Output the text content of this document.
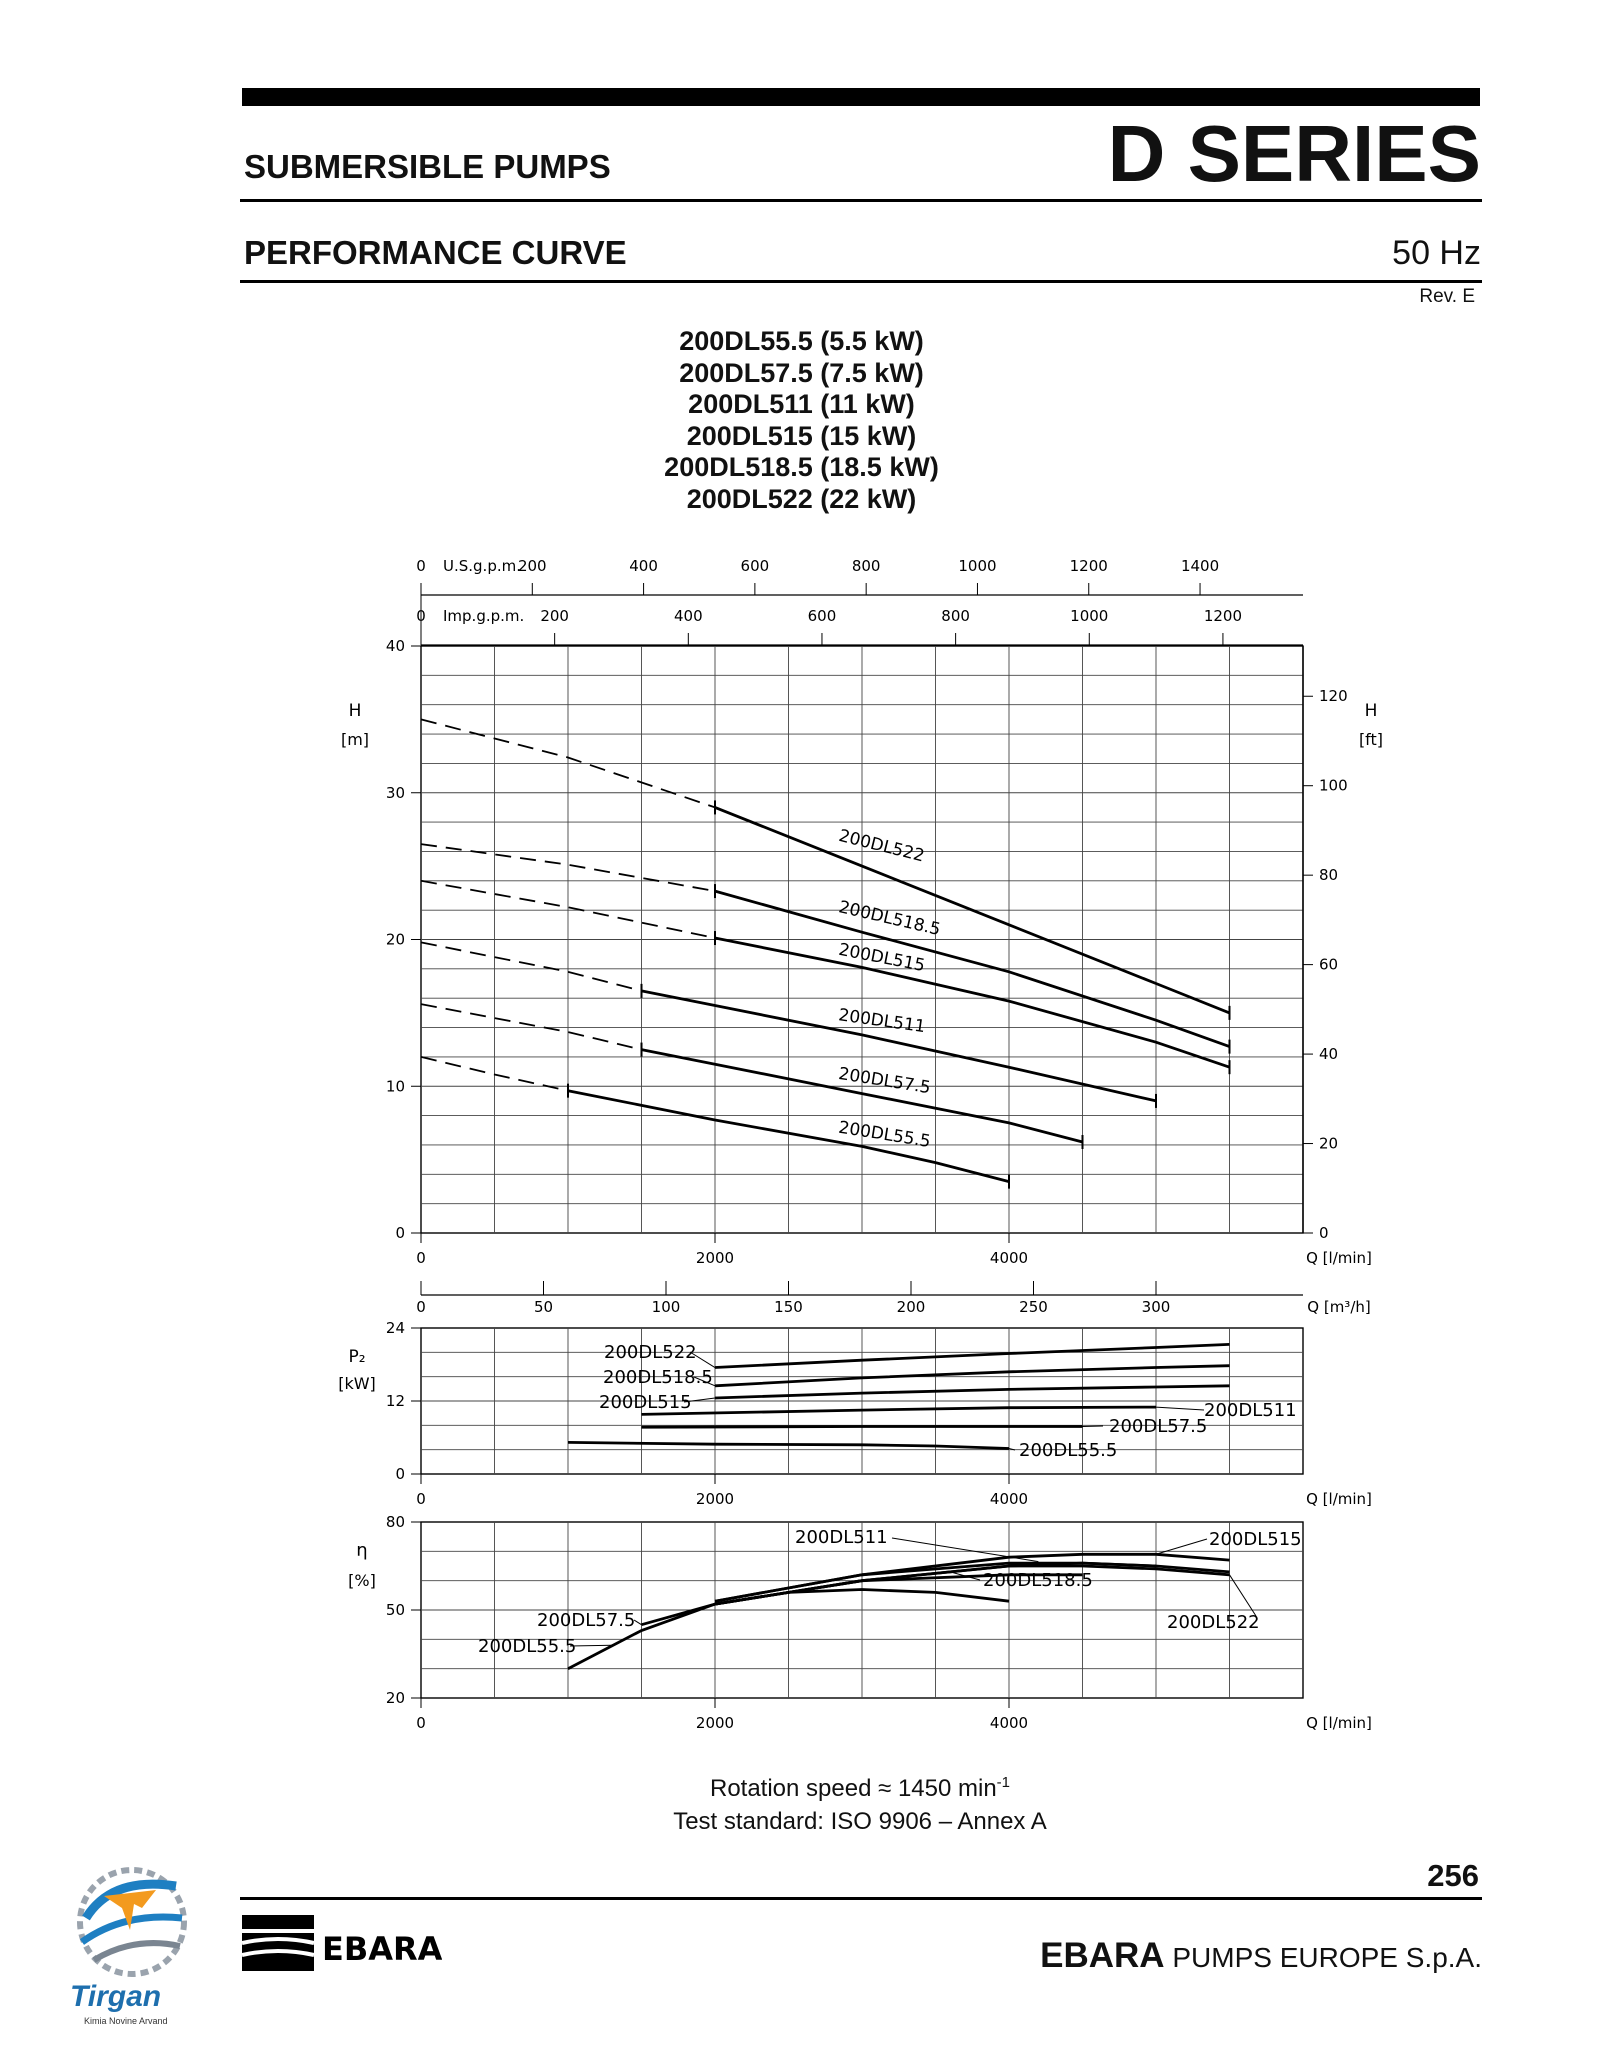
SUBMERSIBLE PUMPS	D SERIES
PERFORMANCE CURVE	50 Hz
Rev. E
200DL55.5 (5.5 kW)
200DL57.5 (7.5 kW)
200DL511 (11 kW)
200DL515 (15 kW)
200DL518.5 (18.5 kW)
200DL522 (22 kW)
0
10
20
30
40
0	2000	4000	Q [l/min]
0
20
40
60
80
100
120
H
[m]
H
[ft]
200	400	600	800	1000	1200	1400
0 U.S.g.p.m.
200	400	600	800	1000	1200
0 Imp.g.p.m.
0	50	100	150	200	250	300	Q [m³/h]
200DL522
200DL518.5
200DL515
200DL511
200DL57.5
200DL55.5
0
12
24
0	2000	4000	Q [l/min]
P₂
[kW]
200DL522
200DL518.5
200DL515
200DL57.5
200DL511
200DL55.5
20
50
80
0	2000	4000	Q [l/min]
η
[%]
200DL511	200DL515
200DL518.5
200DL522
200DL57.5
200DL55.5
Rotation speed ≈ 1450 $\min^{-1}$
Test standard: ISO 9906 – Annex A
256
EBARA	EBARA PUMPS EUROPE S.p.A.
Tirgan
Kimia Novine Arvand
